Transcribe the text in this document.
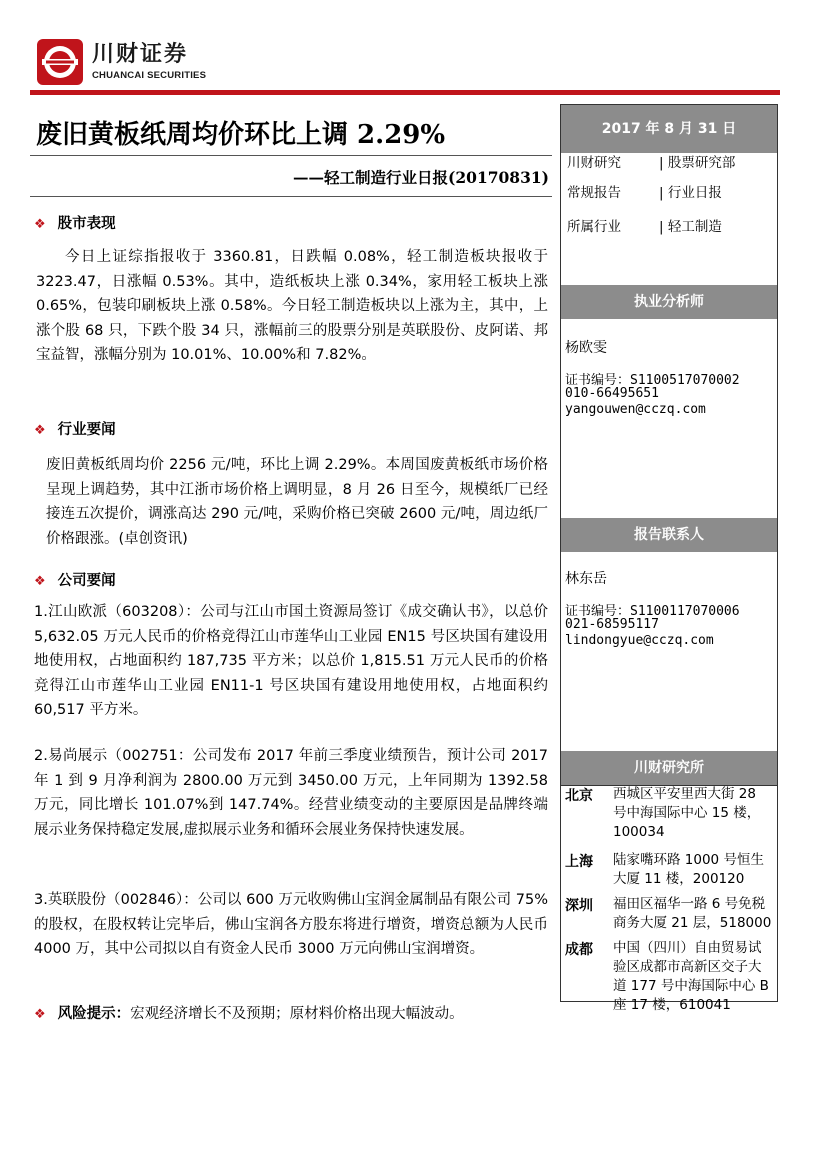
川财证券
CHUANCAI SECURITIES
废旧黄板纸周均价环比上调 2.29%
——轻工制造行业日报(20170831)
❖ 股市表现
今日上证综指报收于 3360.81，日跌幅 0.08%，轻工制造板块报收于 3223.47，日涨幅 0.53%。其中，造纸板块上涨 0.34%，家用轻工板块上涨 0.65%，包装印刷板块上涨 0.58%。今日轻工制造板块以上涨为主，其中，上涨个股 68 只，下跌个股 34 只，涨幅前三的股票分别是英联股份、皮阿诺、邦宝益智，涨幅分别为 10.01%、10.00%和 7.82%。
❖ 行业要闻
废旧黄板纸周均价 2256 元/吨，环比上调 2.29%。本周国废黄板纸市场价格呈现上调趋势，其中江浙市场价格上调明显，8 月 26 日至今，规模纸厂已经接连五次提价，调涨高达 290 元/吨，采购价格已突破 2600 元/吨，周边纸厂价格跟涨。(卓创资讯)
❖ 公司要闻
1.江山欧派（603208）：公司与江山市国土资源局签订《成交确认书》，以总价 5,632.05 万元人民币的价格竞得江山市莲华山工业园 EN15 号区块国有建设用地使用权，占地面积约 187,735 平方米；以总价 1,815.51 万元人民币的价格竞得江山市莲华山工业园 EN11-1 号区块国有建设用地使用权，占地面积约 60,517 平方米。
2.易尚展示（002751：公司发布 2017 年前三季度业绩预告，预计公司 2017 年 1 到 9 月净利润为 2800.00 万元到 3450.00 万元，上年同期为 1392.58 万元，同比增长 101.07%到 147.74%。经营业绩变动的主要原因是品牌终端展示业务保持稳定发展,虚拟展示业务和循环会展业务保持快速发展。
3.英联股份（002846）：公司以 600 万元收购佛山宝润金属制品有限公司 75%的股权，在股权转让完毕后，佛山宝润各方股东将进行增资，增资总额为人民币 4000 万，其中公司拟以自有资金人民币 3000 万元向佛山宝润增资。
❖ 风险提示：宏观经济增长不及预期；原材料价格出现大幅波动。
2017 年 8 月 31 日
川财研究	| 股票研究部
常规报告	| 行业日报
所属行业	| 轻工制造
执业分析师
杨欧雯
证书编号：S1100517070002
010-66495651
yangouwen@cczq.com
报告联系人
林东岳
证书编号：S1100117070006
021-68595117
lindongyue@cczq.com
川财研究所
北京 西城区平安里西大街 28 号中海国际中心 15 楼，100034
上海 陆家嘴环路 1000 号恒生大厦 11 楼，200120
深圳 福田区福华一路 6 号免税商务大厦 21 层，518000
成都 中国（四川）自由贸易试验区成都市高新区交子大道 177 号中海国际中心 B 座 17 楼，610041
